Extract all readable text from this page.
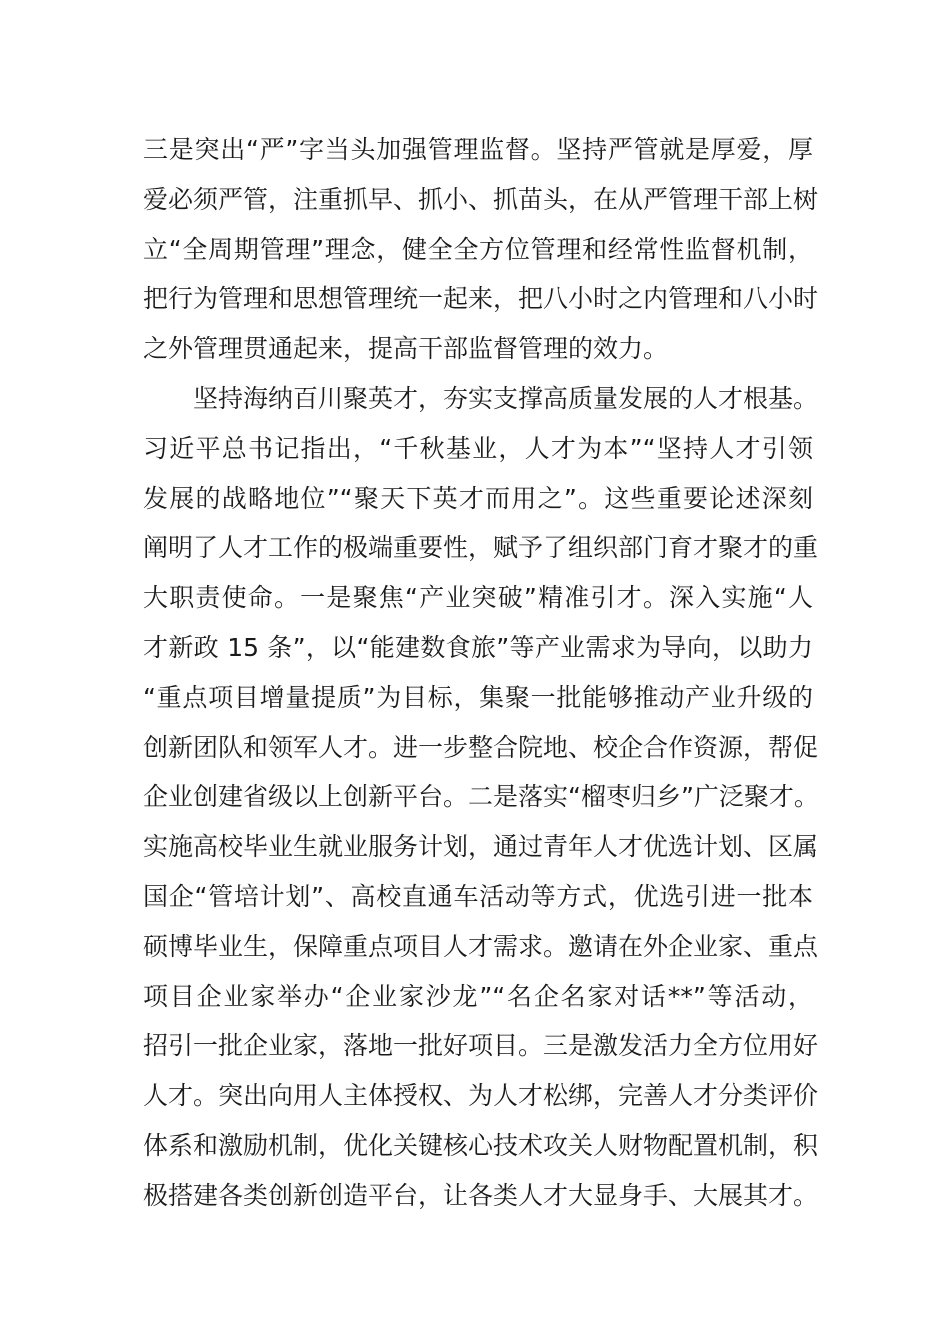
三是突出“严”字当头加强管理监督。坚持严管就是厚爱，厚
爱必须严管，注重抓早、抓小、抓苗头，在从严管理干部上树
立“全周期管理”理念，健全全方位管理和经常性监督机制，
把行为管理和思想管理统一起来，把八小时之内管理和八小时
之外管理贯通起来，提高干部监督管理的效力。
坚持海纳百川聚英才，夯实支撑高质量发展的人才根基。
习近平总书记指出，“千秋基业，人才为本”“坚持人才引领
发展的战略地位”“聚天下英才而用之”。这些重要论述深刻
阐明了人才工作的极端重要性，赋予了组织部门育才聚才的重
大职责使命。一是聚焦“产业突破”精准引才。深入实施“人
才新政 15 条”，以“能建数食旅”等产业需求为导向，以助力
“重点项目增量提质”为目标，集聚一批能够推动产业升级的
创新团队和领军人才。进一步整合院地、校企合作资源，帮促
企业创建省级以上创新平台。二是落实“榴枣归乡”广泛聚才。
实施高校毕业生就业服务计划，通过青年人才优选计划、区属
国企“管培计划”、高校直通车活动等方式，优选引进一批本
硕博毕业生，保障重点项目人才需求。邀请在外企业家、重点
项目企业家举办“企业家沙龙”“名企名家对话**”等活动，
招引一批企业家，落地一批好项目。三是激发活力全方位用好
人才。突出向用人主体授权、为人才松绑，完善人才分类评价
体系和激励机制，优化关键核心技术攻关人财物配置机制，积
极搭建各类创新创造平台，让各类人才大显身手、大展其才。
